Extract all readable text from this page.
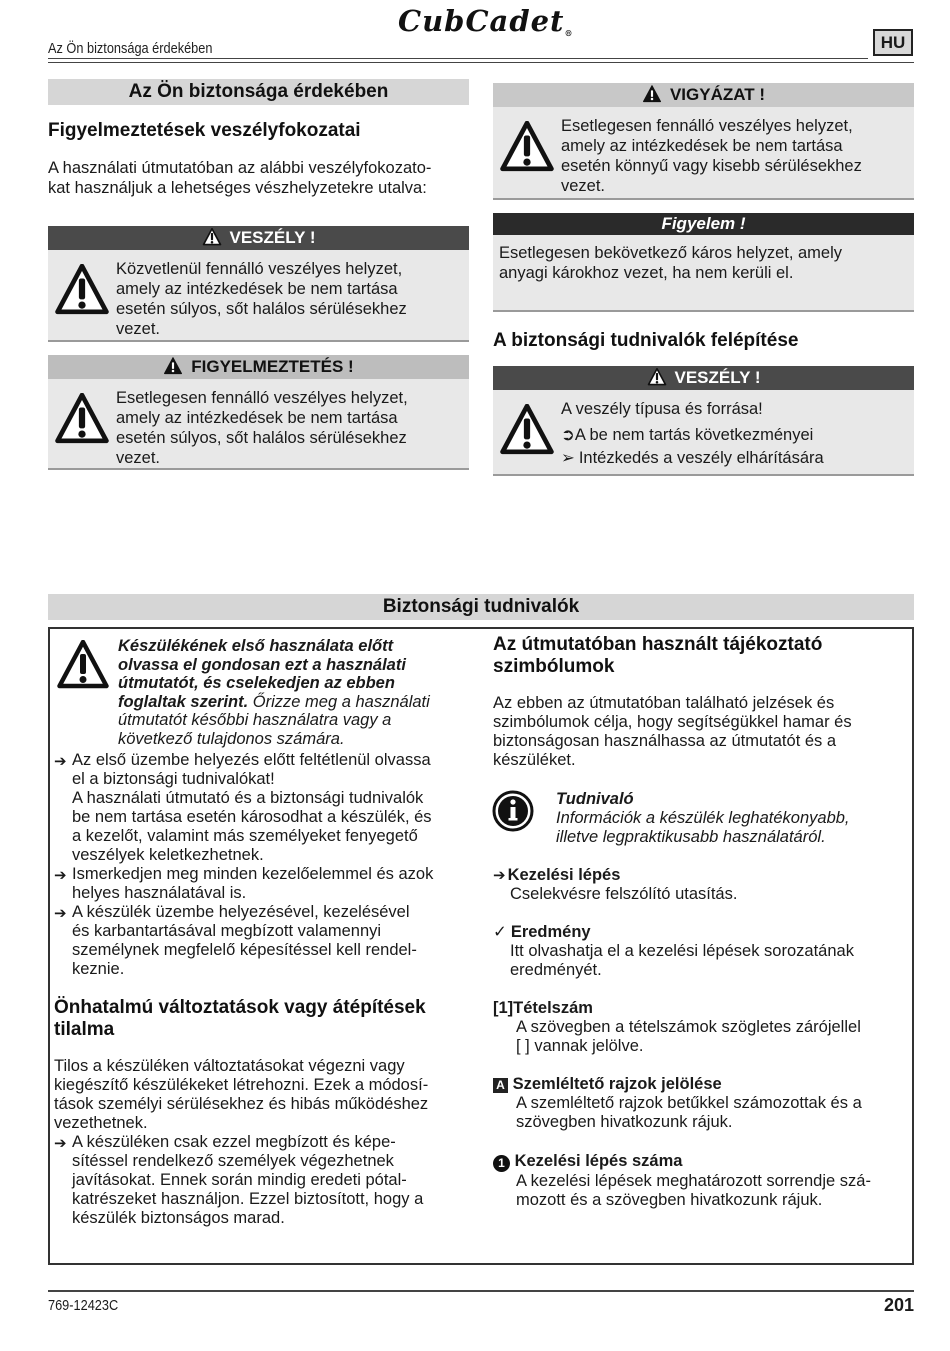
CubCadet®
Az Ön biztonsága érdekében	HU
Az Ön biztonsága érdekében
Figyelmeztetések veszélyfokozatai
A használati útmutatóban az alábbi veszélyfokozato-
kat használjuk a lehetséges vészhelyzetekre utalva:
VESZÉLY !
Közvetlenül fennálló veszélyes helyzet,
amely az intézkedések be nem tartása
esetén súlyos, sőt halálos sérülésekhez
vezet.
FIGYELMEZTETÉS !
Esetlegesen fennálló veszélyes helyzet,
amely az intézkedések be nem tartása
esetén súlyos, sőt halálos sérülésekhez
vezet.
VIGYÁZAT !
Esetlegesen fennálló veszélyes helyzet,
amely az intézkedések be nem tartása
esetén könnyű vagy kisebb sérülésekhez
vezet.
Figyelem !
Esetlegesen bekövetkező káros helyzet, amely
anyagi károkhoz vezet, ha nem kerüli el.
A biztonsági tudnivalók felépítése
VESZÉLY !
A veszély típusa és forrása!
➲A be nem tartás következményei
➢ Intézkedés a veszély elhárítására
Biztonsági tudnivalók
Készülékének első használata előtt
olvassa el gondosan ezt a használati
útmutatót, és cselekedjen az ebben
foglaltak szerint. Őrizze meg a használati
útmutatót későbbi használatra vagy a
következő tulajdonos számára.
➔ Az első üzembe helyezés előtt feltétlenül olvassa
el a biztonsági tudnivalókat!
A használati útmutató és a biztonsági tudnivalók
be nem tartása esetén károsodhat a készülék, és
a kezelőt, valamint más személyeket fenyegető
veszélyek keletkezhetnek.
➔ Ismerkedjen meg minden kezelőelemmel és azok
helyes használatával is.
➔ A készülék üzembe helyezésével, kezelésével
és karbantartásával megbízott valamennyi
személynek megfelelő képesítéssel kell rendel-
keznie.
Önhatalmú változtatások vagy átépítések
tilalma
Tilos a készüléken változtatásokat végezni vagy
kiegészítő készülékeket létrehozni. Ezek a módosí-
tások személyi sérülésekhez és hibás működéshez
vezethetnek.
➔ A készüléken csak ezzel megbízott és képe-
sítéssel rendelkező személyek végezhetnek
javításokat. Ennek során mindig eredeti pótal-
katrészeket használjon. Ezzel biztosított, hogy a
készülék biztonságos marad.
Az útmutatóban használt tájékoztató
szimbólumok
Az ebben az útmutatóban található jelzések és
szimbólumok célja, hogy segítségükkel hamar és
biztonságosan használhassa az útmutatót és a
készüléket.
Tudnivaló
Információk a készülék leghatékonyabb,
illetve legpraktikusabb használatáról.
➔ Kezelési lépés
Cselekvésre felszólító utasítás.
✓ Eredmény
Itt olvashatja el a kezelési lépések sorozatának
eredményét.
[1]Tételszám
A szövegben a tételszámok szögletes zárójellel
[ ] vannak jelölve.
A Szemléltető rajzok jelölése
A szemléltető rajzok betűkkel számozottak és a
szövegben hivatkozunk rájuk.
1 Kezelési lépés száma
A kezelési lépések meghatározott sorrendje szá-
mozott és a szövegben hivatkozunk rájuk.
769-12423C	201
